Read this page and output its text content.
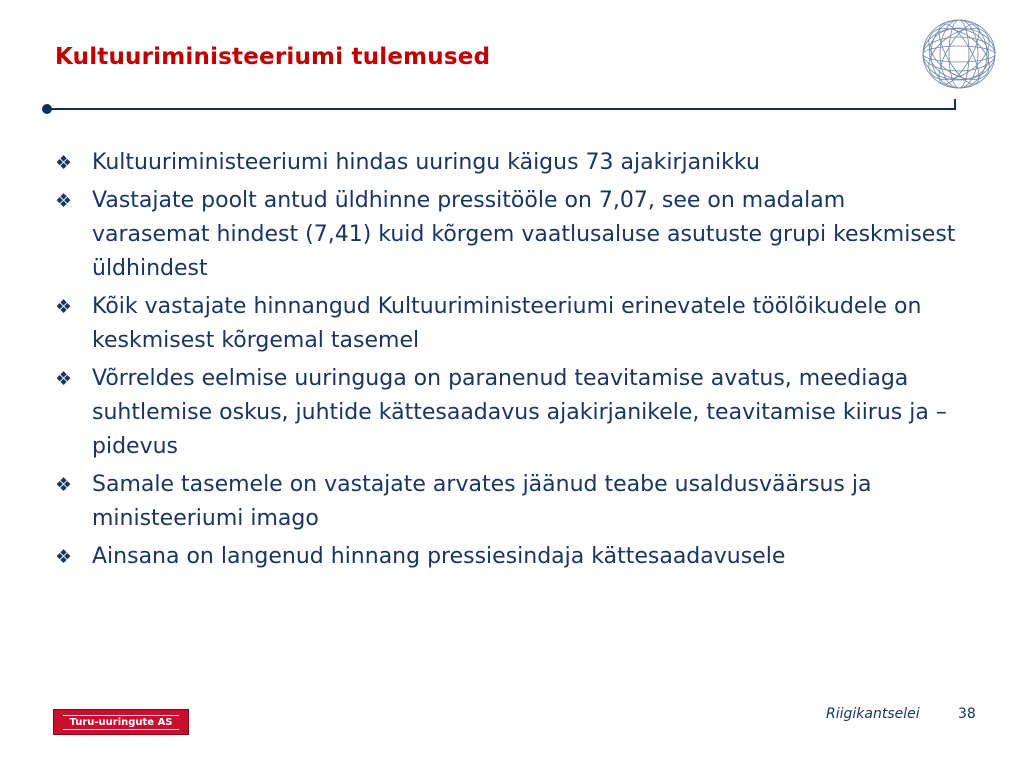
Kultuuriministeeriumi tulemused
❖ Kultuuriministeeriumi hindas uuringu käigus 73 ajakirjanikku
❖ Vastajate poolt antud üldhinne pressitööle on 7,07, see on madalam varasemat hindest (7,41) kuid kõrgem vaatlusaluse asutuste grupi keskmisest üldhindest
❖ Kõik vastajate hinnangud Kultuuriministeeriumi erinevatele töölõikudele on keskmisest kõrgemal tasemel
❖ Võrreldes eelmise uuringuga on paranenud teavitamise avatus, meediaga suhtlemise oskus, juhtide kättesaadavus ajakirjanikele, teavitamise kiirus ja –pidevus
❖ Samale tasemele on vastajate arvates jäänud teabe usaldusväärsus ja ministeeriumi imago
❖ Ainsana on langenud hinnang pressiesindaja kättesaadavusele
Turu-uuringute AS	Riigikantselei	38
